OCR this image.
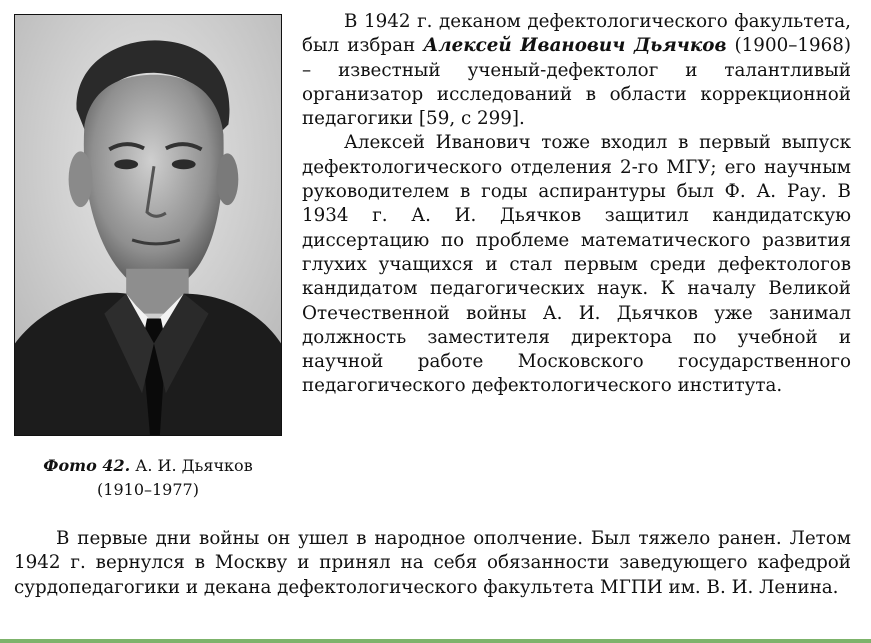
Фото 42. А. И. Дьячков
(1910–1977)

В 1942 г. деканом дефектологического факультета, был избран Алексей Иванович Дьячков (1900–1968) – известный ученый-дефектолог и талантливый организатор исследований в области коррекционной педагогики [59, с 299].

Алексей Иванович тоже входил в первый выпуск дефектологического отделения 2-го МГУ; его научным руководителем в годы аспирантуры был Ф. А. Рау. В 1934 г. А. И. Дьячков защитил кандидатскую диссертацию по проблеме математического развития глухих учащихся и стал первым среди дефектологов кандидатом педагогических наук. К началу Великой Отечественной войны А. И. Дьячков уже занимал должность заместителя директора по учебной и научной работе Московского государственного педагогического дефектологического института.

В первые дни войны он ушел в народное ополчение. Был тяжело ранен. Летом 1942 г. вернулся в Москву и принял на себя обязанности заведующего кафедрой сурдопедагогики и декана дефектологического факультета МГПИ им. В. И. Ленина.
